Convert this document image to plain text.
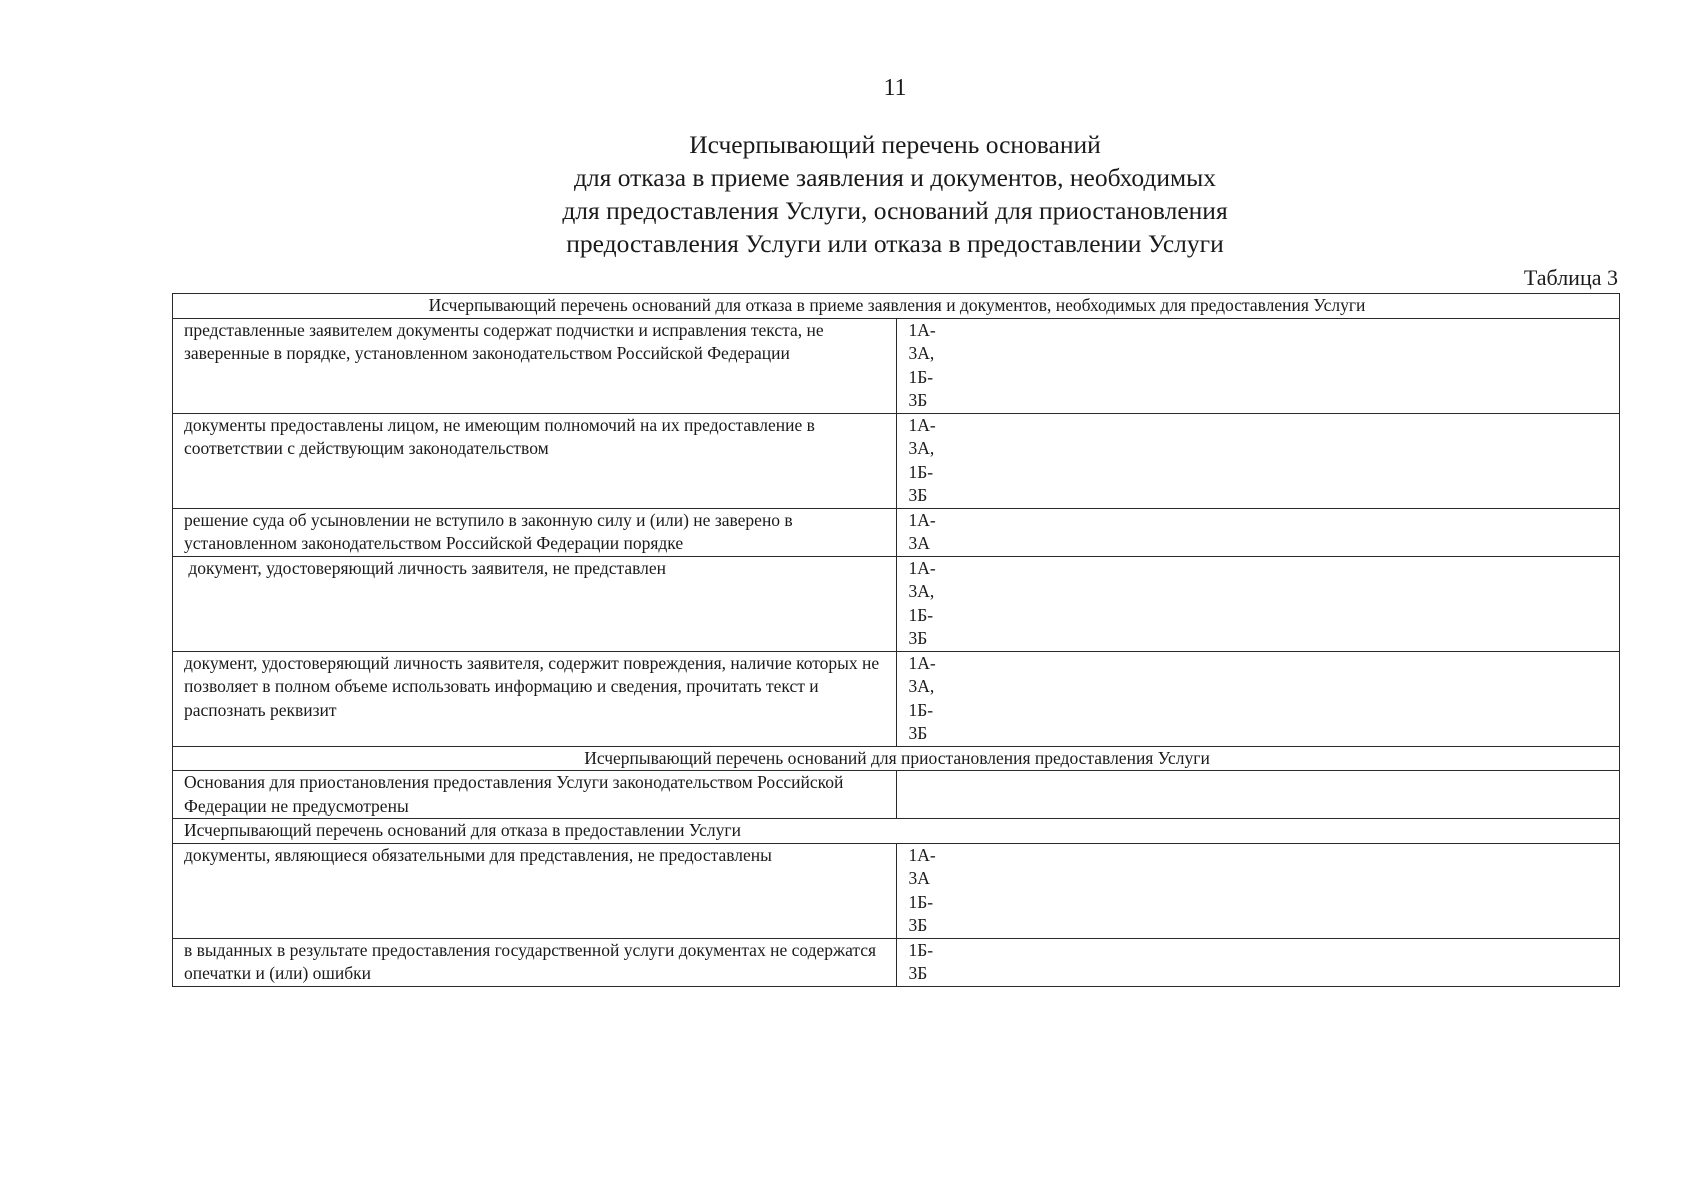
11
Исчерпывающий перечень оснований
для отказа в приеме заявления и документов, необходимых
для предоставления Услуги, оснований для приостановления
предоставления Услуги или отказа в предоставлении Услуги
Таблица 3
Исчерпывающий перечень оснований для отказа в приеме заявления и документов, необходимых для предоставления Услуги	
представленные заявителем документы содержат подчистки и исправления текста, не заверенные в порядке, установленном законодательством Российской Федерации	1А-
3А,
1Б-
3Б
документы предоставлены лицом, не имеющим полномочий на их предоставление в соответствии с действующим законодательством	1А-
3А,
1Б-
3Б
решение суда об усыновлении не вступило в законную силу и (или) не заверено в установленном законодательством Российской Федерации порядке	1А-
3А
документ, удостоверяющий личность заявителя, не представлен	1А-
3А,
1Б-
3Б
документ, удостоверяющий личность заявителя, содержит повреждения, наличие которых не позволяет в полном объеме использовать информацию и сведения, прочитать текст и распознать реквизит	1А-
3А,
1Б-
3Б
Исчерпывающий перечень оснований для приостановления предоставления Услуги	
Основания для приостановления предоставления Услуги законодательством Российской Федерации не предусмотрены	
Исчерпывающий перечень оснований для отказа в предоставлении Услуги	
документы, являющиеся обязательными для представления, не предоставлены	1А-
3А
1Б-
3Б
в выданных в результате предоставления государственной услуги документах не содержатся опечатки и (или) ошибки	1Б-
3Б
